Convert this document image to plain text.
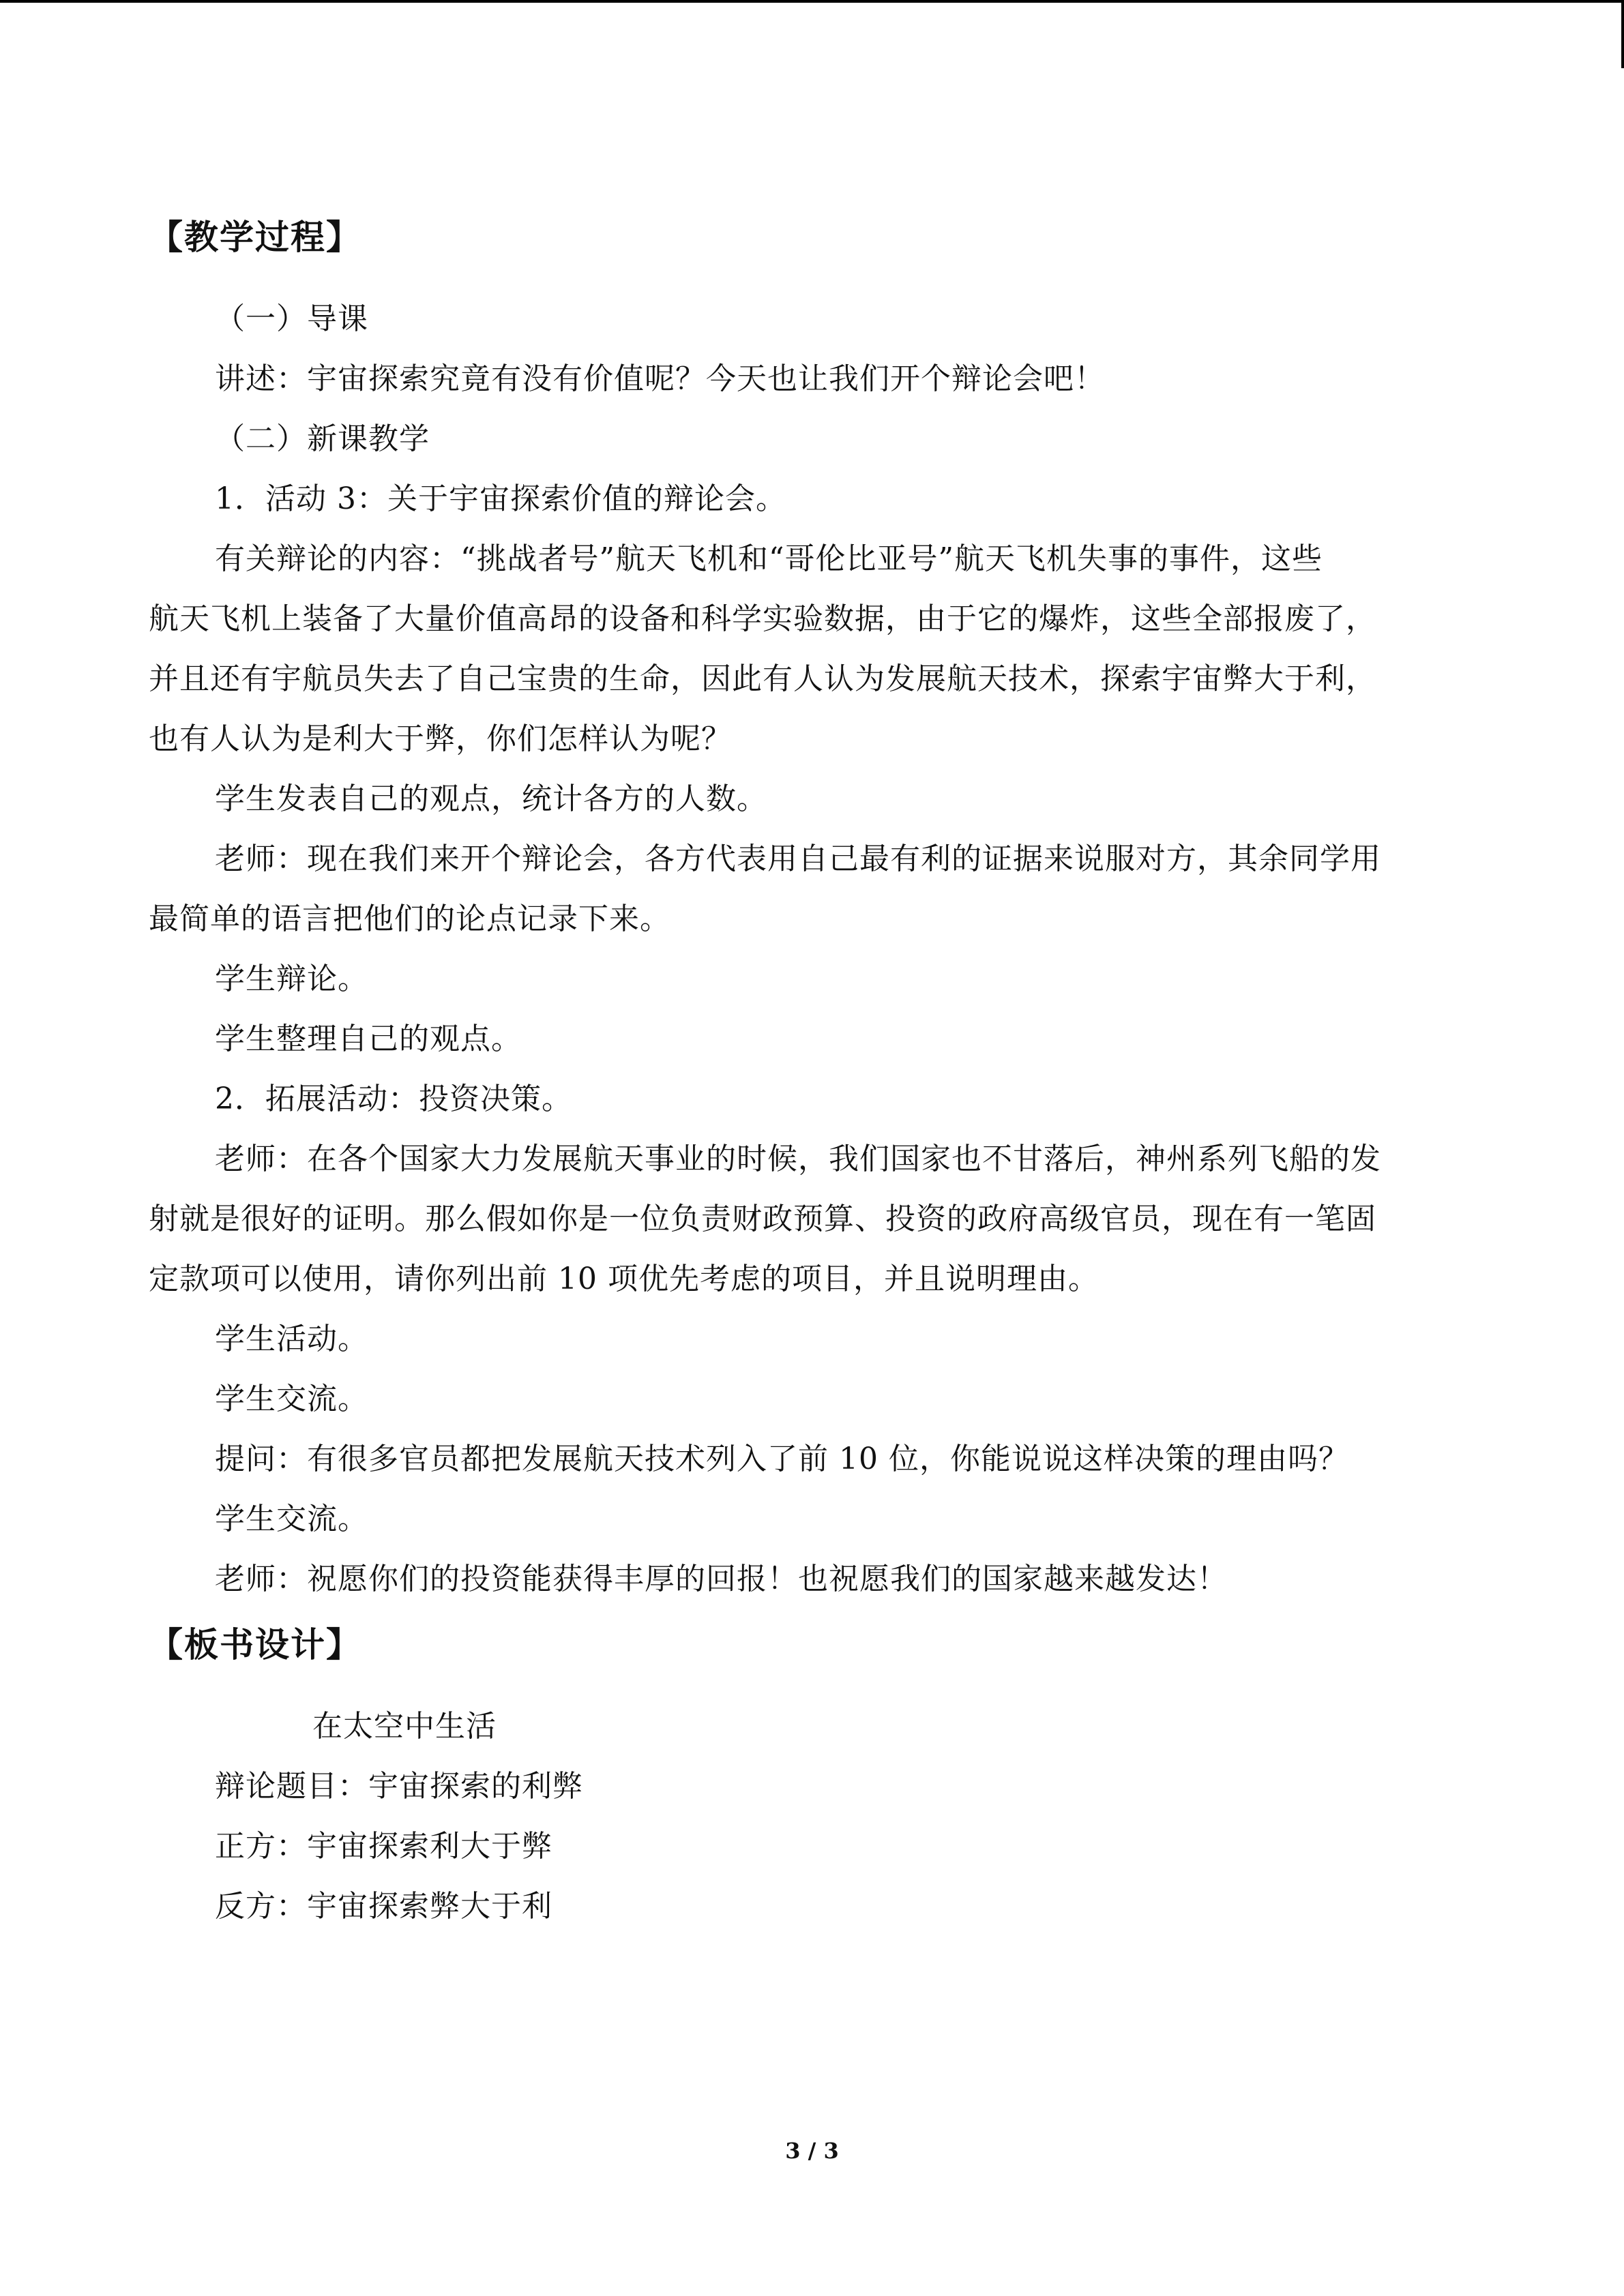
【教学过程】
（一）导课
讲述：宇宙探索究竟有没有价值呢？今天也让我们开个辩论会吧！
（二）新课教学
1．活动 3：关于宇宙探索价值的辩论会。
有关辩论的内容：“挑战者号”航天飞机和“哥伦比亚号”航天飞机失事的事件，这些
航天飞机上装备了大量价值高昂的设备和科学实验数据，由于它的爆炸，这些全部报废了，
并且还有宇航员失去了自己宝贵的生命，因此有人认为发展航天技术，探索宇宙弊大于利，
也有人认为是利大于弊，你们怎样认为呢？
学生发表自己的观点，统计各方的人数。
老师：现在我们来开个辩论会，各方代表用自己最有利的证据来说服对方，其余同学用
最简单的语言把他们的论点记录下来。
学生辩论。
学生整理自己的观点。
2．拓展活动：投资决策。
老师：在各个国家大力发展航天事业的时候，我们国家也不甘落后，神州系列飞船的发
射就是很好的证明。那么假如你是一位负责财政预算、投资的政府高级官员，现在有一笔固
定款项可以使用，请你列出前 10 项优先考虑的项目，并且说明理由。
学生活动。
学生交流。
提问：有很多官员都把发展航天技术列入了前 10 位，你能说说这样决策的理由吗？
学生交流。
老师：祝愿你们的投资能获得丰厚的回报！也祝愿我们的国家越来越发达！
【板书设计】
在太空中生活
辩论题目：宇宙探索的利弊
正方：宇宙探索利大于弊
反方：宇宙探索弊大于利
3 / 3
